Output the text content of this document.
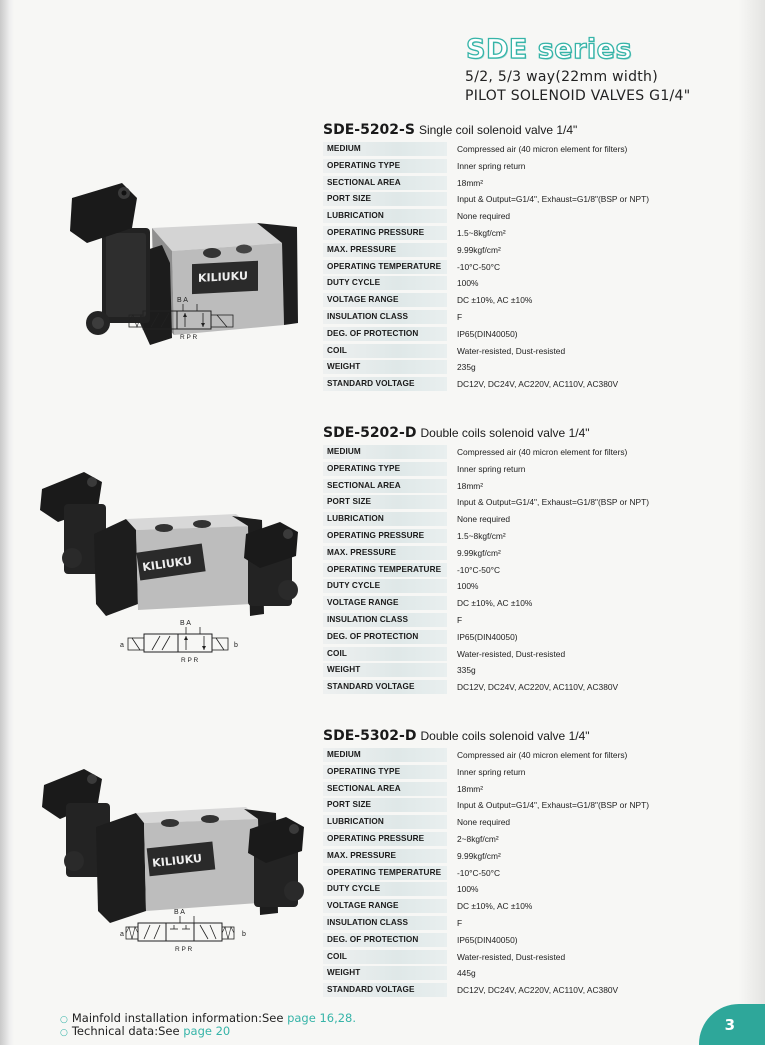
SDE series
5/2, 5/3 way(22mm width)
PILOT SOLENOID VALVES G1/4"
SDE-5202-S Single coil solenoid valve 1/4"
MEDIUM	Compressed air (40 micron element for filters)
OPERATING TYPE	Inner spring return
SECTIONAL AREA	18mm²
PORT SIZE	Input & Output=G1/4", Exhaust=G1/8"(BSP or NPT)
LUBRICATION	None required
OPERATING PRESSURE	1.5~8kgf/cm²
MAX. PRESSURE	9.99kgf/cm²
OPERATING TEMPERATURE	-10°C-50°C
DUTY CYCLE	100%
VOLTAGE RANGE	DC ±10%, AC ±10%
INSULATION CLASS	F
DEG. OF PROTECTION	IP65(DIN40050)
COIL	Water-resisted, Dust-resisted
WEIGHT	235g
STANDARD VOLTAGE	DC12V, DC24V, AC220V, AC110V, AC380V
KILIUKU
B A
R P R
SDE-5202-D Double coils solenoid valve 1/4"
MEDIUM	Compressed air (40 micron element for filters)
OPERATING TYPE	Inner spring return
SECTIONAL AREA	18mm²
PORT SIZE	Input & Output=G1/4", Exhaust=G1/8"(BSP or NPT)
LUBRICATION	None required
OPERATING PRESSURE	1.5~8kgf/cm²
MAX. PRESSURE	9.99kgf/cm²
OPERATING TEMPERATURE	-10°C-50°C
DUTY CYCLE	100%
VOLTAGE RANGE	DC ±10%, AC ±10%
INSULATION CLASS	F
DEG. OF PROTECTION	IP65(DIN40050)
COIL	Water-resisted, Dust-resisted
WEIGHT	335g
STANDARD VOLTAGE	DC12V, DC24V, AC220V, AC110V, AC380V
KILIUKU
a
B A
b
R P R
SDE-5302-D Double coils solenoid valve 1/4"
MEDIUM	Compressed air (40 micron element for filters)
OPERATING TYPE	Inner spring return
SECTIONAL AREA	18mm²
PORT SIZE	Input & Output=G1/4", Exhaust=G1/8"(BSP or NPT)
LUBRICATION	None required
OPERATING PRESSURE	2~8kgf/cm²
MAX. PRESSURE	9.99kgf/cm²
OPERATING TEMPERATURE	-10°C-50°C
DUTY CYCLE	100%
VOLTAGE RANGE	DC ±10%, AC ±10%
INSULATION CLASS	F
DEG. OF PROTECTION	IP65(DIN40050)
COIL	Water-resisted, Dust-resisted
WEIGHT	445g
STANDARD VOLTAGE	DC12V, DC24V, AC220V, AC110V, AC380V
KILIUKU
a
B A
b
R P R
○ Mainfold installation information:See page 16,28.
○ Technical data:See page 20	3
